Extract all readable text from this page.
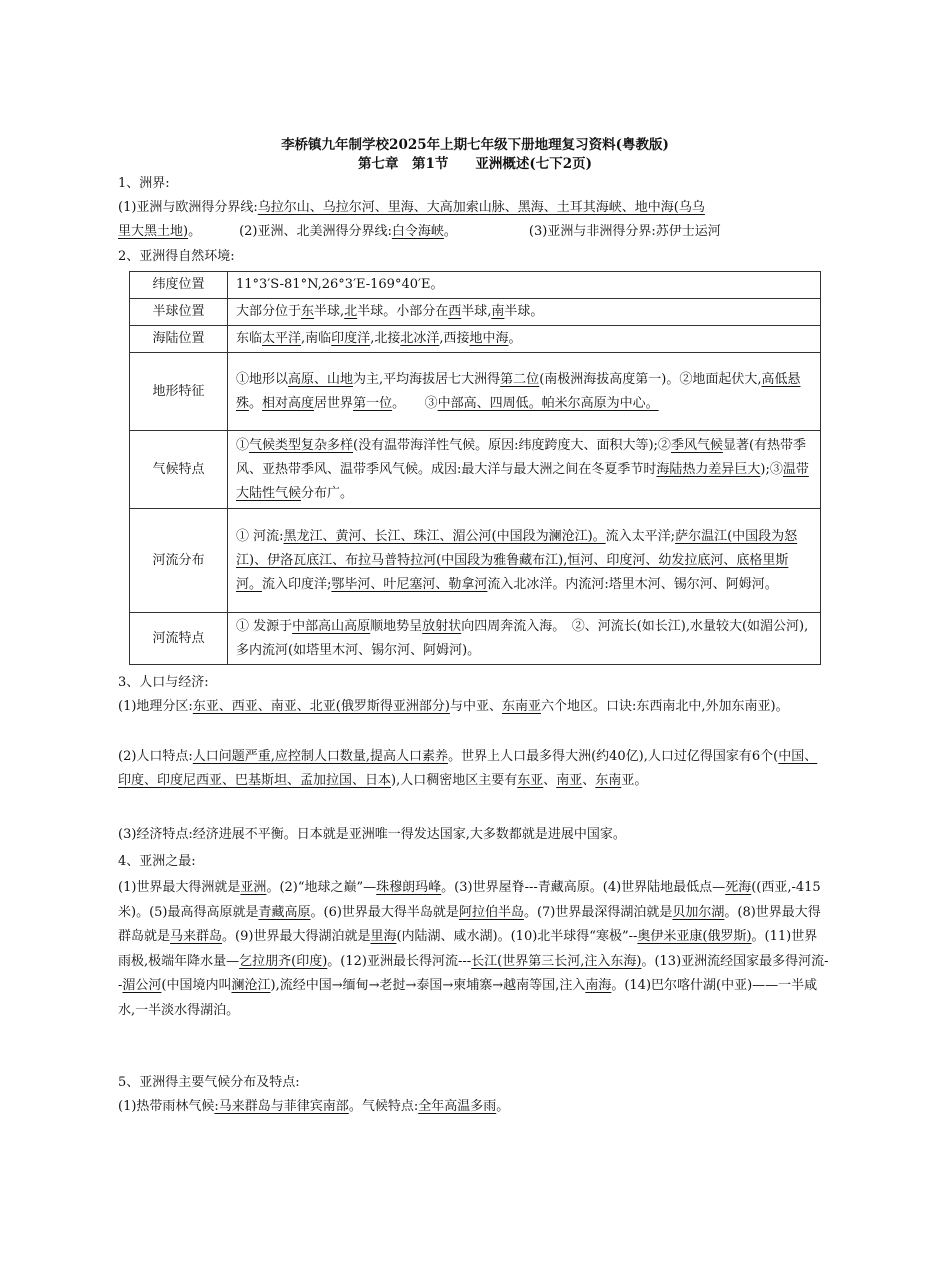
李桥镇九年制学校2025年上期七年级下册地理复习资料(粤教版)
第七章　第1节　　亚洲概述(七下2页)
1、洲界:
(1)亚洲与欧洲得分界线:乌拉尔山、乌拉尔河、里海、大高加索山脉、黑海、土耳其海峡、地中海(乌乌
里大黑土地)。	(2)亚洲、北美洲得分界线:白令海峡。	(3)亚洲与非洲得分界:苏伊士运河
2、亚洲得自然环境:
纬度位置	11°3′S-81°N,26°3′E-169°40′E。
半球位置	大部分位于东半球,北半球。小部分在西半球,南半球。
海陆位置	东临太平洋,南临印度洋,北接北冰洋,西接地中海。
地形特征	①地形以高原、山地为主,平均海拔居七大洲得第二位(南极洲海拔高度第一)。②地面起伏大,高低悬殊。相对高度居世界第一位。　　③中部高、四周低。帕米尔高原为中心。
气候特点	①气候类型复杂多样(没有温带海洋性气候。原因:纬度跨度大、面积大等);②季风气候显著(有热带季风、亚热带季风、温带季风气候。成因:最大洋与最大洲之间在冬夏季节时海陆热力差异巨大);③温带大陆性气候分布广。
河流分布	① 河流:黑龙江、黄河、长江、珠江、湄公河(中国段为澜沧江)。流入太平洋;萨尔温江(中国段为怒江)、伊洛瓦底江、布拉马普特拉河(中国段为雅鲁藏布江),恒河、印度河、幼发拉底河、底格里斯河。流入印度洋;鄂毕河、叶尼塞河、勒拿河流入北冰洋。内流河:塔里木河、锡尔河、阿姆河。
河流特点	① 发源于中部高山高原顺地势呈放射状向四周奔流入海。　②、河流长(如长江),水量较大(如湄公河),多内流河(如塔里木河、锡尔河、阿姆河)。
3、人口与经济:
(1)地理分区:东亚、西亚、南亚、北亚(俄罗斯得亚洲部分)与中亚、东南亚六个地区。口诀:东西南北中,外加东南亚)。
(2)人口特点:人口问题严重,应控制人口数量,提高人口素养。世界上人口最多得大洲(约40亿),人口过亿得国家有6个(中国、印度、印度尼西亚、巴基斯坦、孟加拉国、日本),人口稠密地区主要有东亚、南亚、东南亚。
(3)经济特点:经济进展不平衡。日本就是亚洲唯一得发达国家,大多数都就是进展中国家。
4、亚洲之最:
(1)世界最大得洲就是亚洲。(2)“地球之巅”—珠穆朗玛峰。(3)世界屋脊---青藏高原。(4)世界陆地最低点—死海((西亚,-415米)。(5)最高得高原就是青藏高原。(6)世界最大得半岛就是阿拉伯半岛。(7)世界最深得湖泊就是贝加尔湖。(8)世界最大得群岛就是马来群岛。(9)世界最大得湖泊就是里海(内陆湖、咸水湖)。(10)北半球得“寒极”--奥伊米亚康(俄罗斯)。(11)世界雨极,极端年降水量—乞拉朋齐(印度)。(12)亚洲最长得河流---长江(世界第三长河,注入东海)。(13)亚洲流经国家最多得河流--湄公河(中国境内叫澜沧江),流经中国→缅甸→老挝→泰国→柬埔寨→越南等国,注入南海。(14)巴尔喀什湖(中亚)——一半咸水,一半淡水得湖泊。
5、亚洲得主要气候分布及特点:
(1)热带雨林气候:马来群岛与菲律宾南部。气候特点:全年高温多雨。
